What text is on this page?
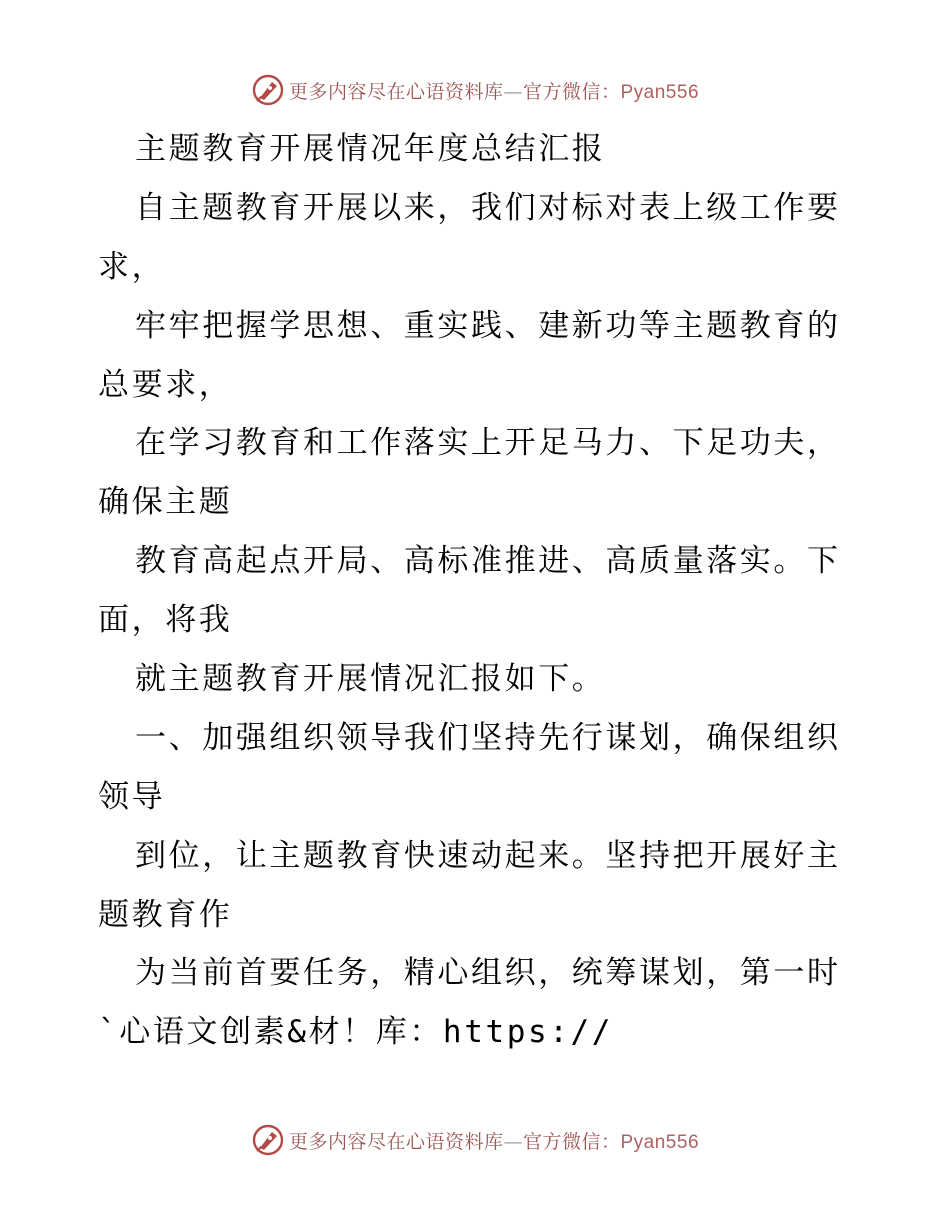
更多内容尽在心语资料库—官方微信：Pyan556
主题教育开展情况年度总结汇报
自主题教育开展以来，我们对标对表上级工作要
求，
牢牢把握学思想、重实践、建新功等主题教育的
总要求，
在学习教育和工作落实上开足马力、下足功夫，
确保主题
教育高起点开局、高标准推进、高质量落实。下
面，将我
就主题教育开展情况汇报如下。
一、加强组织领导我们坚持先行谋划，确保组织
领导
到位，让主题教育快速动起来。坚持把开展好主
题教育作
为当前首要任务，精心组织，统筹谋划，第一时
`心语文创素&材！库：https://
更多内容尽在心语资料库—官方微信：Pyan556
